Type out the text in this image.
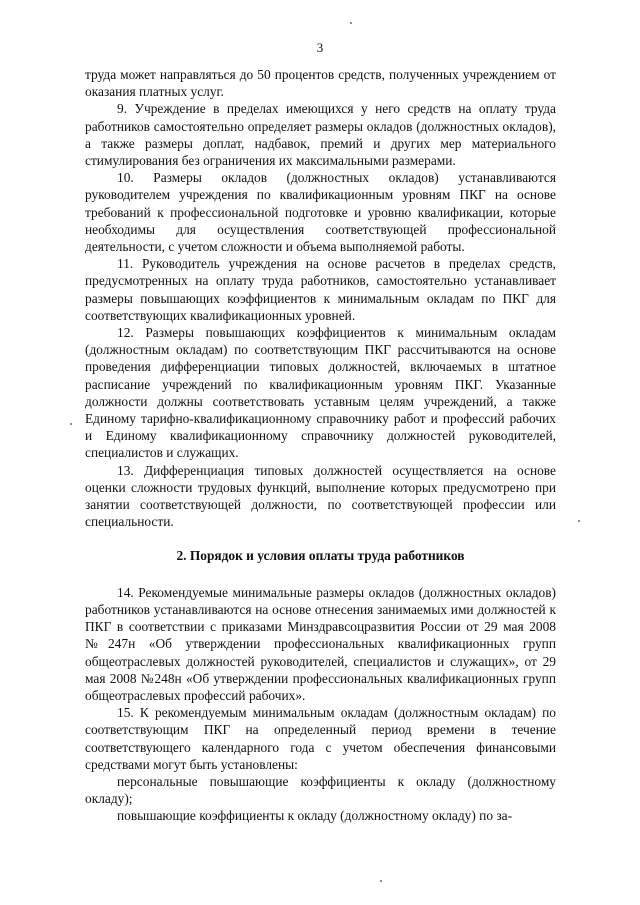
3

труда может направляться до 50 процентов средств, полученных учреждением от оказания платных услуг.

9. Учреждение в пределах имеющихся у него средств на оплату труда работников самостоятельно определяет размеры окладов (должностных окладов), а также размеры доплат, надбавок, премий и других мер материального стимулирования без ограничения их максимальными размерами.

10. Размеры окладов (должностных окладов) устанавливаются руководителем учреждения по квалификационным уровням ПКГ на основе требований к профессиональной подготовке и уровню квалификации, которые необходимы для осуществления соответствующей профессиональной деятельности, с учетом сложности и объема выполняемой работы.

11. Руководитель учреждения на основе расчетов в пределах средств, предусмотренных на оплату труда работников, самостоятельно устанавливает размеры повышающих коэффициентов к минимальным окладам по ПКГ для соответствующих квалификационных уровней.

12. Размеры повышающих коэффициентов к минимальным окладам (должностным окладам) по соответствующим ПКГ рассчитываются на основе проведения дифференциации типовых должностей, включаемых в штатное расписание учреждений по квалификационным уровням ПКГ. Указанные должности должны соответствовать уставным целям учреждений, а также Единому тарифно-квалификационному справочнику работ и профессий рабочих и Единому квалификационному справочнику должностей руководителей, специалистов и служащих.

13. Дифференциация типовых должностей осуществляется на основе оценки сложности трудовых функций, выполнение которых предусмотрено при занятии соответствующей должности, по соответствующей профессии или специальности.

2. Порядок и условия оплаты труда работников

14. Рекомендуемые минимальные размеры окладов (должностных окладов) работников устанавливаются на основе отнесения занимаемых ими должностей к ПКГ в соответствии с приказами Минздравсоцразвития России от 29 мая 2008 №247н «Об утверждении профессиональных квалификационных групп общеотраслевых должностей руководителей, специалистов и служащих», от 29 мая 2008 №248н «Об утверждении профессиональных квалификационных групп общеотраслевых профессий рабочих».

15. К рекомендуемым минимальным окладам (должностным окладам) по соответствующим ПКГ на определенный период времени в течение соответствующего календарного года с учетом обеспечения финансовыми средствами могут быть установлены:

персональные повышающие коэффициенты к окладу (должностному окладу);

повышающие коэффициенты к окладу (должностному окладу) по за-
